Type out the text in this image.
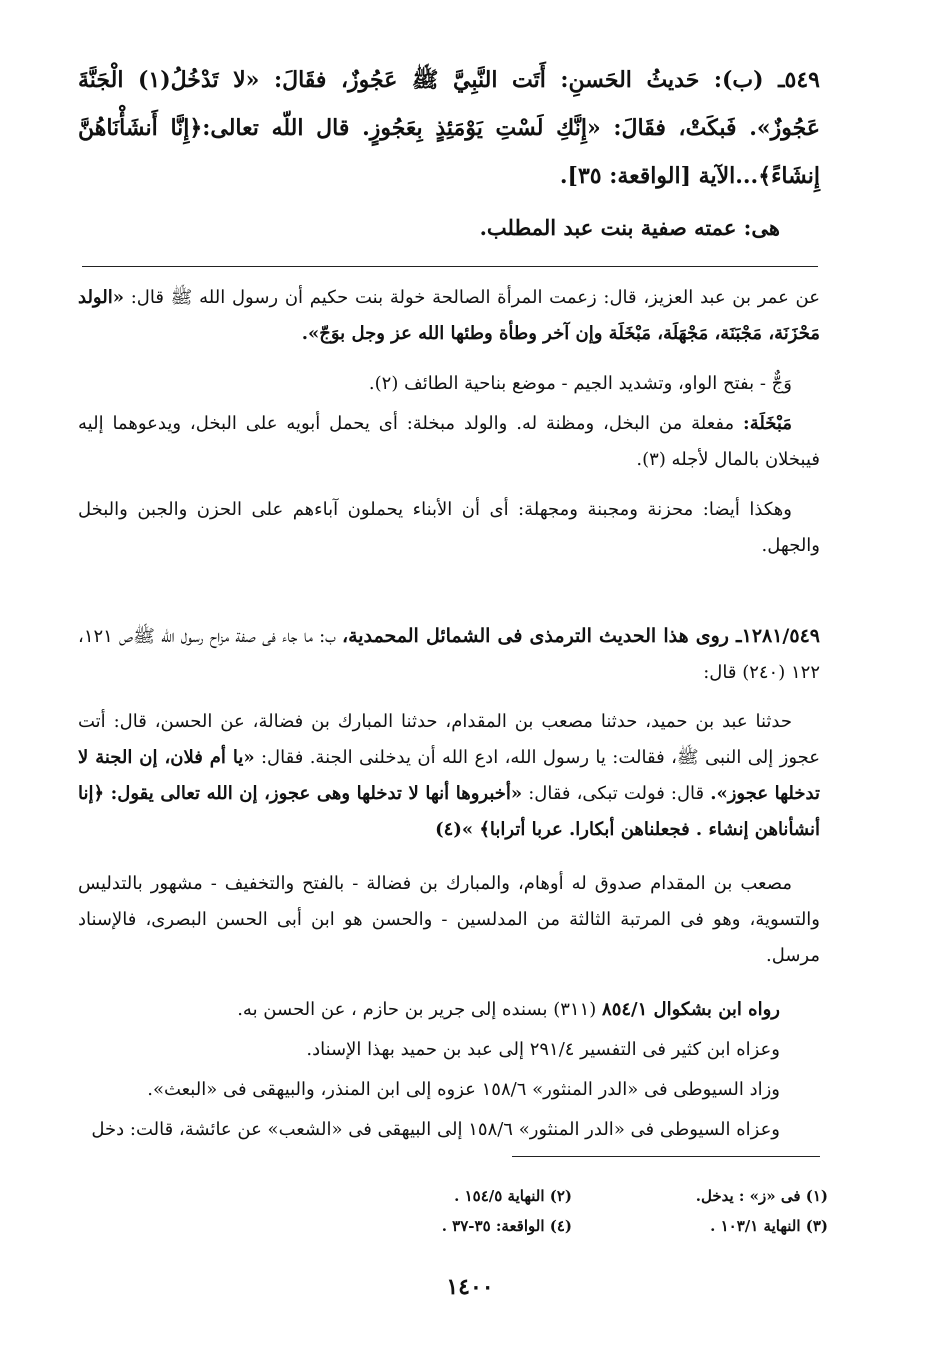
٥٤٩ـ (ب): حَديثُ الحَسنِ: أَتَت النَّبِيَّ ﷺ عَجُوزٌ، فقَالَ: «لا تَدْخُلُ(١) الْجَنَّةَ عَجُوزٌ». فَبكَتْ، فقَالَ: «إِنَّكِ لَسْتِ يَوْمَئِذٍ بِعَجُوزٍ. قال اللّه تعالى:﴿إِنَّا أَنشَأْنَاهُنَّ إِنشَاءً﴾...الآية [الواقعة: ٣٥].
هى: عمته صفية بنت عبد المطلب.
عن عمر بن عبد العزيز، قال: زعمت المرأة الصالحة خولة بنت حكيم أن رسول الله ﷺ قال: «الولد مَحْزَنَة، مَجْبَنَة، مَجْهَلَة، مَبْخَلَة وإن آخر وطأة وطئها الله عز وجل بوَجّ».
وَجٌّ - بفتح الواو، وتشديد الجيم - موضع بناحية الطائف (٢).
مَبْخَلَة: مفعلة من البخل، ومظنة له. والولد مبخلة: أى يحمل أبويه على البخل، ويدعوهما إليه فيبخلان بالمال لأجله (٣).
وهكذا أيضا: محزنة ومجبنة ومجهلة: أى أن الأبناء يحملون آباءهم على الحزن والجبن والبخل والجهل.
١٢٨١/٥٤٩ـ روى هذا الحديث الترمذى فى الشمائل المحمدية، ب: ما جاء فى صفة مزاح رسول الله ﷺص ١٢١، ١٢٢ (٢٤٠) قال:
حدثنا عبد بن حميد، حدثنا مصعب بن المقدام، حدثنا المبارك بن فضالة، عن الحسن، قال: أتت عجوز إلى النبى ﷺ، فقالت: يا رسول الله، ادع الله أن يدخلنى الجنة. فقال: «يا أم فلان، إن الجنة لا تدخلها عجوز». قال: فولت تبكى، فقال: «أخبروها أنها لا تدخلها وهى عجوز، إن الله تعالى يقول: ﴿إنا أنشأناهن إنشاء . فجعلناهن أبكارا. عربا أترابا﴾ »(٤)
مصعب بن المقدام صدوق له أوهام، والمبارك بن فضالة - بالفتح والتخفيف - مشهور بالتدليس والتسوية، وهو فى المرتبة الثالثة من المدلسين - والحسن هو ابن أبى الحسن البصرى، فالإسناد مرسل.
رواه ابن بشكوال ٨٥٤/١ (٣١١) بسنده إلى جرير بن حازم ، عن الحسن به.
وعزاه ابن كثير فى التفسير ٢٩١/٤ إلى عبد بن حميد بهذا الإسناد.
وزاد السيوطى فى «الدر المنثور» ١٥٨/٦ عزوه إلى ابن المنذر، والبيهقى فى «البعث».
وعزاه السيوطى فى «الدر المنثور» ١٥٨/٦ إلى البيهقى فى «الشعب» عن عائشة، قالت: دخل
(١) فى «ز» : يدخل.
(٢) النهاية ١٥٤/٥ .
(٣) النهاية ١٠٣/١ .
(٤) الواقعة: ٣٥-٣٧ .
١٤٠٠
